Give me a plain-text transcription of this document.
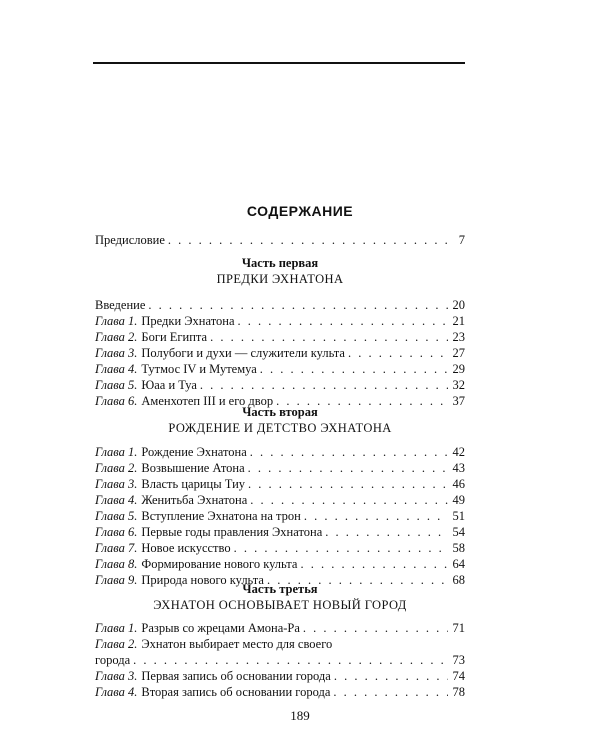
СОДЕРЖАНИЕ
Предисловие . . .	7
Часть первая
ПРЕДКИ ЭХНАТОНА
Введение . . .	20
Глава 1. Предки Эхнатона . . .	21
Глава 2. Боги Египта . . .	23
Глава 3. Полубоги и духи — служители культа . . .	27
Глава 4. Тутмос IV и Мутемуа . . .	29
Глава 5. Юаа и Туа . . .	32
Глава 6. Аменхотеп III и его двор . . .	37
Часть вторая
РОЖДЕНИЕ И ДЕТСТВО ЭХНАТОНА
Глава 1. Рождение Эхнатона . . .	42
Глава 2. Возвышение Атона . . .	43
Глава 3. Власть царицы Тиу . . .	46
Глава 4. Женитьба Эхнатона . . .	49
Глава 5. Вступление Эхнатона на трон . . .	51
Глава 6. Первые годы правления Эхнатона . . .	54
Глава 7. Новое искусство . . .	58
Глава 8. Формирование нового культа . . .	64
Глава 9. Природа нового культа . . .	68
Часть третья
ЭХНАТОН ОСНОВЫВАЕТ НОВЫЙ ГОРОД
Глава 1. Разрыв со жрецами Амона-Ра . . .	71
Глава 2. Эхнатон выбирает место для своего
города . . .	73
Глава 3. Первая запись об основании города . . .	74
Глава 4. Вторая запись об основании города . . .	78
189
